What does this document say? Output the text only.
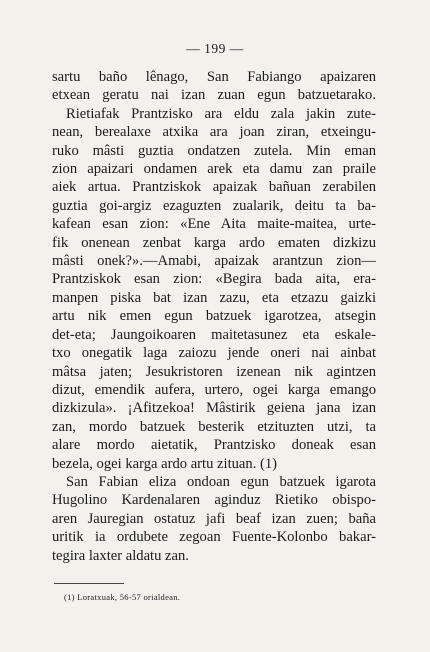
— 199 —
sartu baño lênago, San Fabiango apaizaren
etxean geratu nai izan zuan egun batzuetarako.
Rietiafak Prantzisko ara eldu zala jakin zute-
nean, berealaxe atxika ara joan ziran, etxeingu-
ruko mâsti guztia ondatzen zutela. Min eman
zion apaizari ondamen arek eta damu zan praile
aiek artua. Prantziskok apaizak bañuan zerabilen
guztia goi-argiz ezaguzten zualarik, deitu ta ba-
kafean esan zion: «Ene Aita maite-maitea, urte-
fik onenean zenbat karga ardo ematen dizkizu
mâsti onek?».—Amabi, apaizak arantzun zion—
Prantziskok esan zion: «Begira bada aita, era-
manpen piska bat izan zazu, eta etzazu gaizki
artu nik emen egun batzuek igarotzea, atsegin
det-eta; Jaungoikoaren maitetasunez eta eskale-
txo onegatik laga zaiozu jende oneri nai ainbat
mâtsa jaten; Jesukristoren izenean nik agintzen
dizut, emendik aufera, urtero, ogei karga emango
dizkizula». ¡Afitzekoa! Mâstirik geiena jana izan
zan, mordo batzuek besterik etzituzten utzi, ta
alare mordo aietatik, Prantzisko doneak esan
bezela, ogei karga ardo artu zituan. (1)
San Fabian eliza ondoan egun batzuek igarota
Hugolino Kardenalaren aginduz Rietiko obispo-
aren Jauregian ostatuz jafi beaf izan zuen; baña
uritik ia ordubete zegoan Fuente-Kolonbo bakar-
tegira laxter aldatu zan.
(1) Loratxuak, 56-57 orialdean.
